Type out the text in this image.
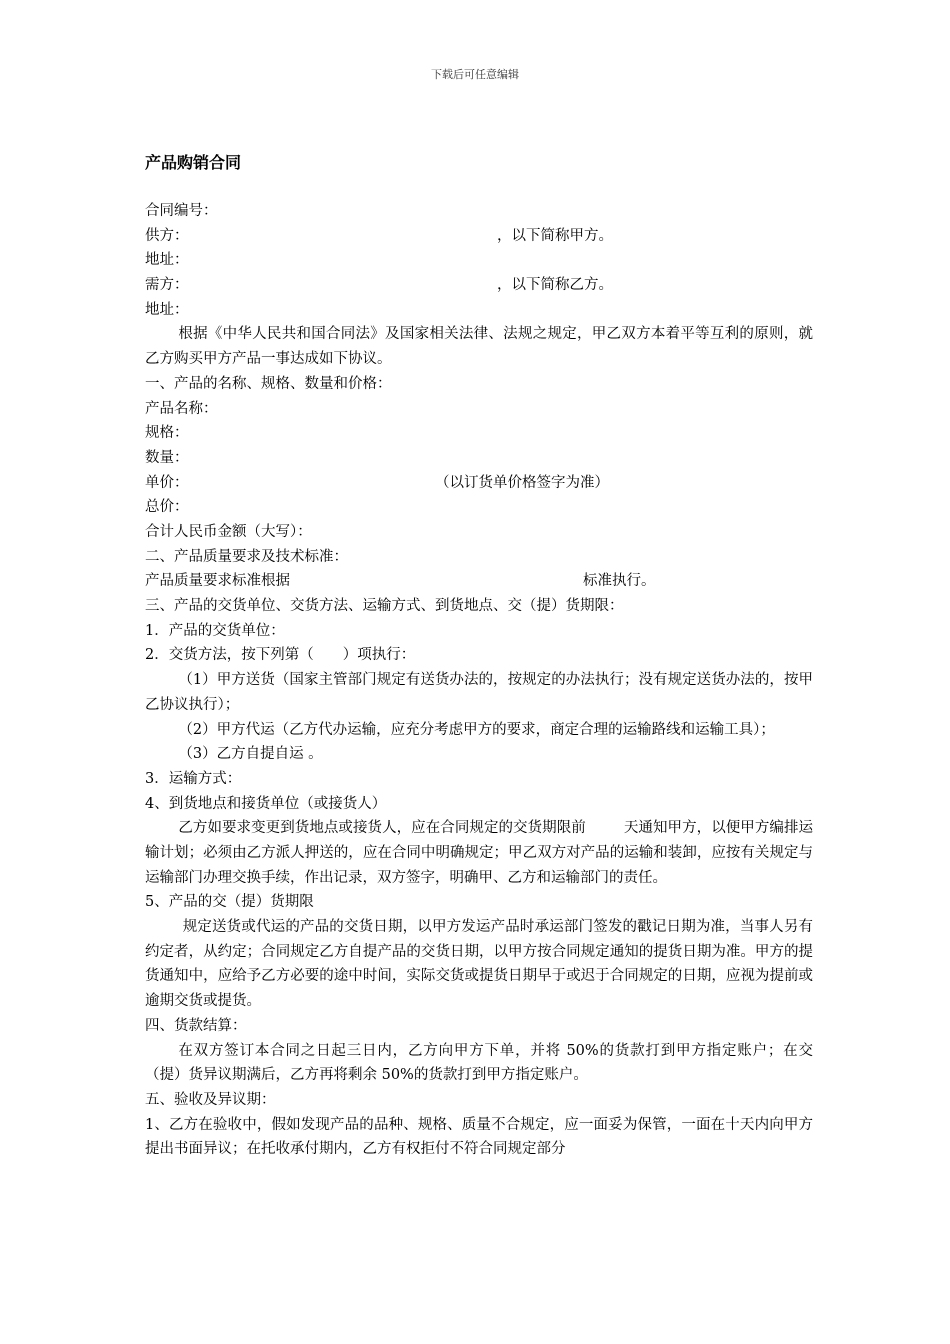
下载后可任意编辑
产品购销合同
合同编号：
供方：	，以下简称甲方。
地址：
需方：	，以下简称乙方。
地址：
根据《中华人民共和国合同法》及国家相关法律、法规之规定，甲乙双方本着平等互利的原则，就乙方购买甲方产品一事达成如下协议。
一、产品的名称、规格、数量和价格：
产品名称：
规格：
数量：
单价：	（以订货单价格签字为准）
总价：
合计人民币金额（大写）：
二、产品质量要求及技术标准：
产品质量要求标准根据	标准执行。
三、产品的交货单位、交货方法、运输方式、到货地点、交（提）货期限：
1．产品的交货单位：
2．交货方法，按下列第（　　）项执行：
（1）甲方送货（国家主管部门规定有送货办法的，按规定的办法执行；没有规定送货办法的，按甲乙协议执行）；
（2）甲方代运（乙方代办运输，应充分考虑甲方的要求，商定合理的运输路线和运输工具）；
（3）乙方自提自运 。
3．运输方式：
4、到货地点和接货单位（或接货人）
乙方如要求变更到货地点或接货人，应在合同规定的交货期限前	天通知甲方，以便甲方编排运输计划；必须由乙方派人押送的，应在合同中明确规定；甲乙双方对产品的运输和装卸，应按有关规定与运输部门办理交换手续，作出记录，双方签字，明确甲、乙方和运输部门的责任。
5、产品的交（提）货期限
规定送货或代运的产品的交货日期，以甲方发运产品时承运部门签发的戳记日期为准，当事人另有约定者，从约定；合同规定乙方自提产品的交货日期，以甲方按合同规定通知的提货日期为准。甲方的提货通知中，应给予乙方必要的途中时间，实际交货或提货日期早于或迟于合同规定的日期，应视为提前或逾期交货或提货。
四、货款结算：
在双方签订本合同之日起三日内，乙方向甲方下单，并将 50%的货款打到甲方指定账户；在交（提）货异议期满后，乙方再将剩余 50%的货款打到甲方指定账户。
五、验收及异议期：
1、乙方在验收中，假如发现产品的品种、规格、质量不合规定，应一面妥为保管，一面在十天内向甲方提出书面异议；在托收承付期内，乙方有权拒付不符合同规定部分
